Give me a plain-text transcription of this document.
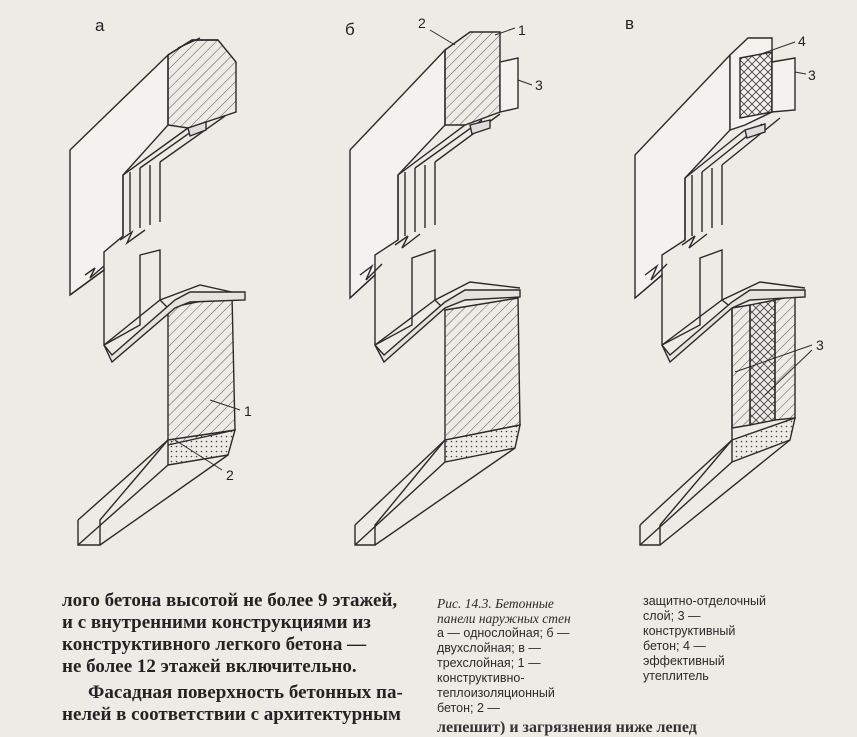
а	б	в
1
2
2	1
3
4
3
3

лого бетона высотой не более 9 этажей,

и с внутренними конструкциями из

конструктивного легкого бетона —

не более 12 этажей включительно.

Фасадная поверхность бетонных па-

нелей в соответствии с архитектурным

Рис. 14.3. Бетонные
панели наружных стен
а — однослойная; б —
двухслойная; в —
трехслойная; 1 —
конструктивно-
теплоизоляционный
бетон; 2 —
защитно-отделочный
слой; 3 —
конструктивный
бетон; 4 —
эффективный
утеплитель
лепешит) и загрязнения ниже лепед
